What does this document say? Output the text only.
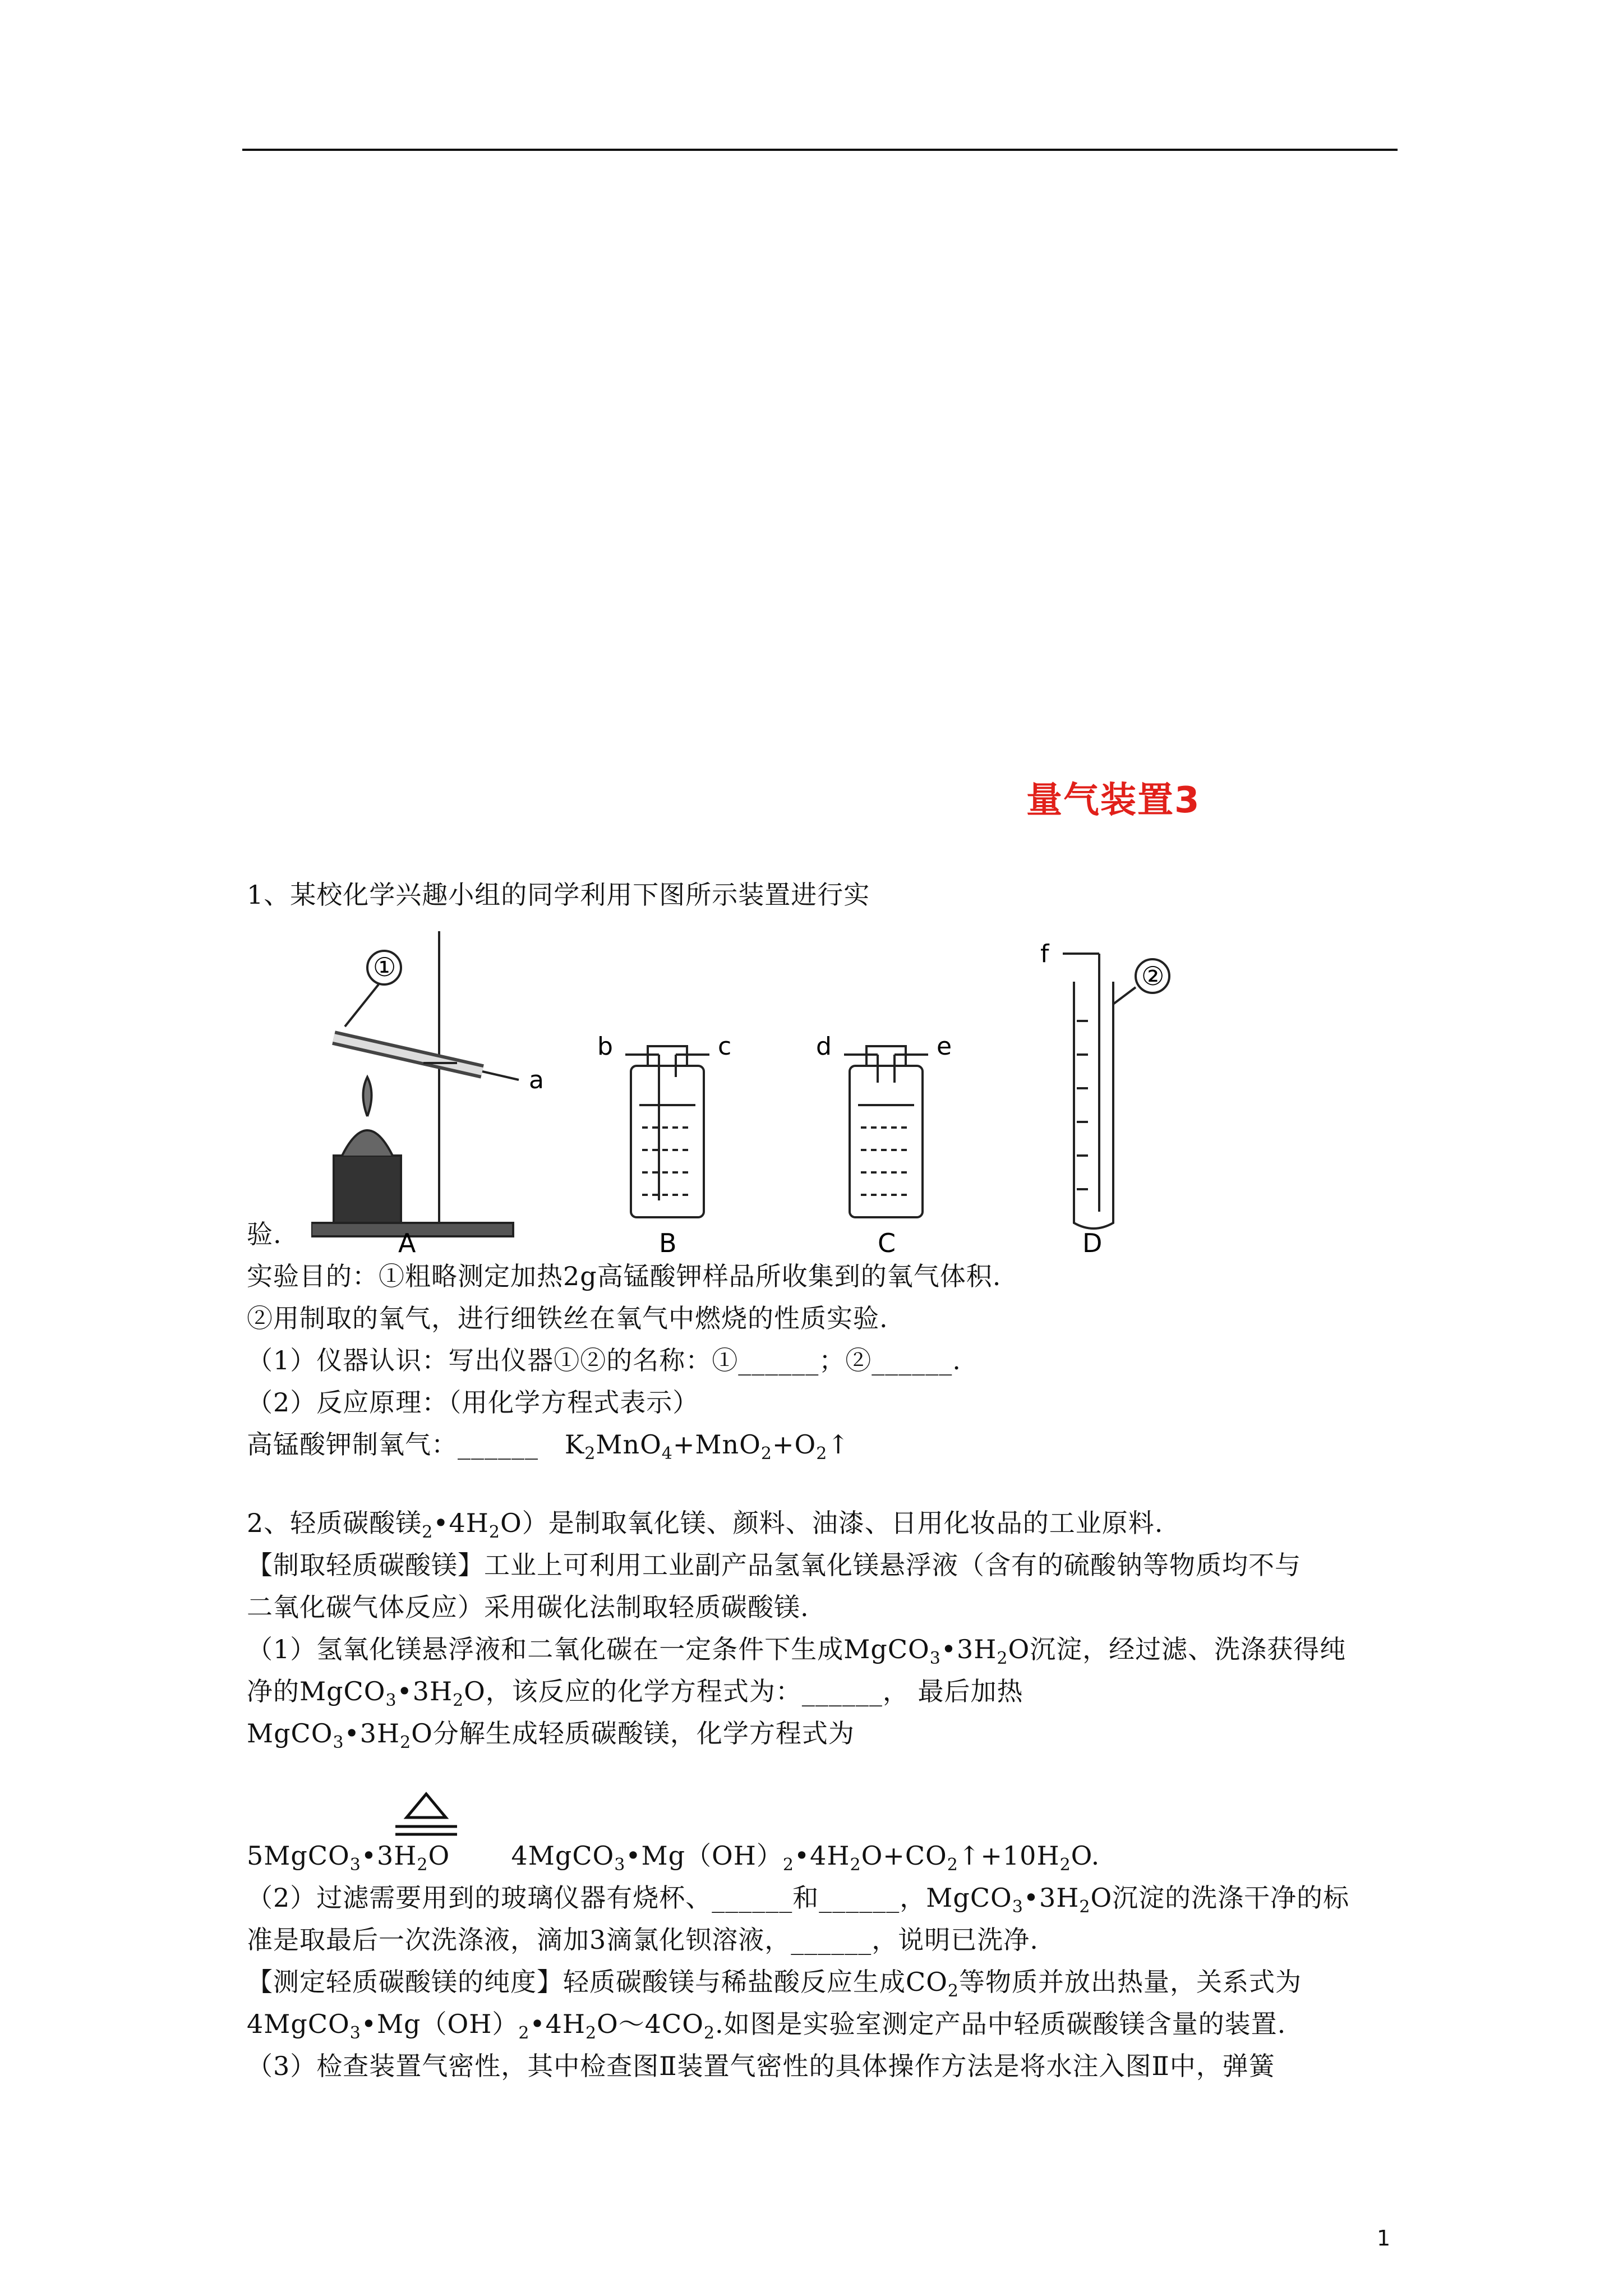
量气装置3
1、某校化学兴趣小组的同学利用下图所示装置进行实
①
a
A
b	c
B
d	e
C
②
f
D
验.
实验目的：①粗略测定加热2g高锰酸钾样品所收集到的氧气体积.
②用制取的氧气，进行细铁丝在氧气中燃烧的性质实验.
（1）仪器认识：写出仪器①②的名称：①______；②______.
（2）反应原理：（用化学方程式表示）
高锰酸钾制氧气：______ $K_2MnO_4+MnO_2+O_2↑$
2、轻质碳酸镁$_2•4H_2O$）是制取氧化镁、颜料、油漆、日用化妆品的工业原料.
【制取轻质碳酸镁】工业上可利用工业副产品氢氧化镁悬浮液（含有的硫酸钠等物质均不与
二氧化碳气体反应）采用碳化法制取轻质碳酸镁.
（1）氢氧化镁悬浮液和二氧化碳在一定条件下生成$MgCO_3•3H_2O$沉淀，经过滤、洗涤获得纯
净的$MgCO_3•3H_2O$，该反应的化学方程式为：______， 最后加热
$MgCO_3•3H_2O$分解生成轻质碳酸镁，化学方程式为
$5MgCO_3•3H_2O$ $4MgCO_3•Mg(OH)_2•4H_2O+CO_2↑+10H_2O$.
（2）过滤需要用到的玻璃仪器有烧杯、______和______，$MgCO_3•3H_2O$沉淀的洗涤干净的标
准是取最后一次洗涤液，滴加3滴氯化钡溶液，______，说明已洗净.
【测定轻质碳酸镁的纯度】轻质碳酸镁与稀盐酸反应生成$CO_2$等物质并放出热量，关系式为
$4MgCO_3•Mg(OH)_2•4H_2O\sim 4CO_2$.如图是实验室测定产品中轻质碳酸镁含量的装置.
（3）检查装置气密性，其中检查图Ⅱ装置气密性的具体操作方法是将水注入图Ⅱ中，弹簧
1
